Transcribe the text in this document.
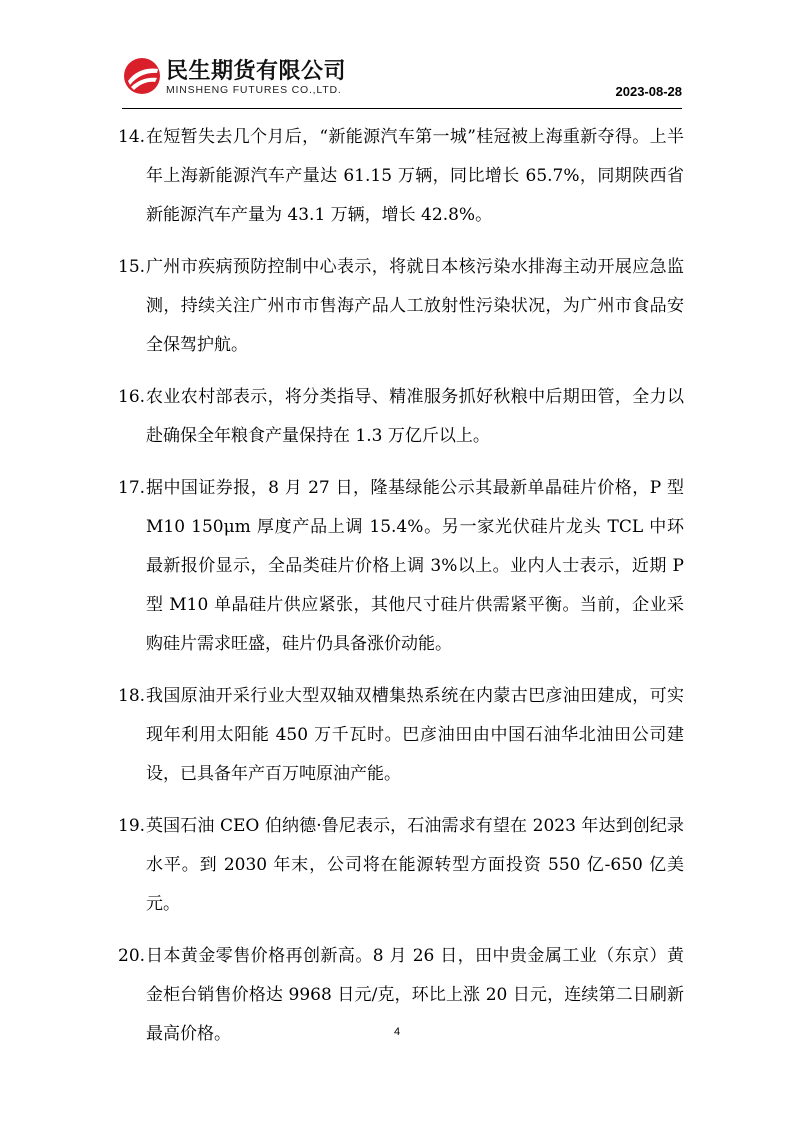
民生期货有限公司
MINSHENG FUTURES CO.,LTD.	2023-08-28
14. 在短暂失去几个月后，“新能源汽车第一城”桂冠被上海重新夺得。上半年上海新能源汽车产量达 61.15 万辆，同比增长 65.7%，同期陕西省新能源汽车产量为 43.1 万辆，增长 42.8%。
15. 广州市疾病预防控制中心表示，将就日本核污染水排海主动开展应急监测，持续关注广州市市售海产品人工放射性污染状况，为广州市食品安全保驾护航。
16. 农业农村部表示，将分类指导、精准服务抓好秋粮中后期田管，全力以赴确保全年粮食产量保持在 1.3 万亿斤以上。
17. 据中国证券报，8 月 27 日，隆基绿能公示其最新单晶硅片价格，P 型 M10 150μm 厚度产品上调 15.4%。另一家光伏硅片龙头 TCL 中环最新报价显示，全品类硅片价格上调 3%以上。业内人士表示，近期 P 型 M10 单晶硅片供应紧张，其他尺寸硅片供需紧平衡。当前，企业采购硅片需求旺盛，硅片仍具备涨价动能。
18. 我国原油开采行业大型双轴双槽集热系统在内蒙古巴彦油田建成，可实现年利用太阳能 450 万千瓦时。巴彦油田由中国石油华北油田公司建设，已具备年产百万吨原油产能。
19. 英国石油 CEO 伯纳德·鲁尼表示，石油需求有望在 2023 年达到创纪录水平。到 2030 年末，公司将在能源转型方面投资 550 亿-650 亿美元。
20. 日本黄金零售价格再创新高。8 月 26 日，田中贵金属工业（东京）黄金柜台销售价格达 9968 日元/克，环比上涨 20 日元，连续第二日刷新最高价格。	4
